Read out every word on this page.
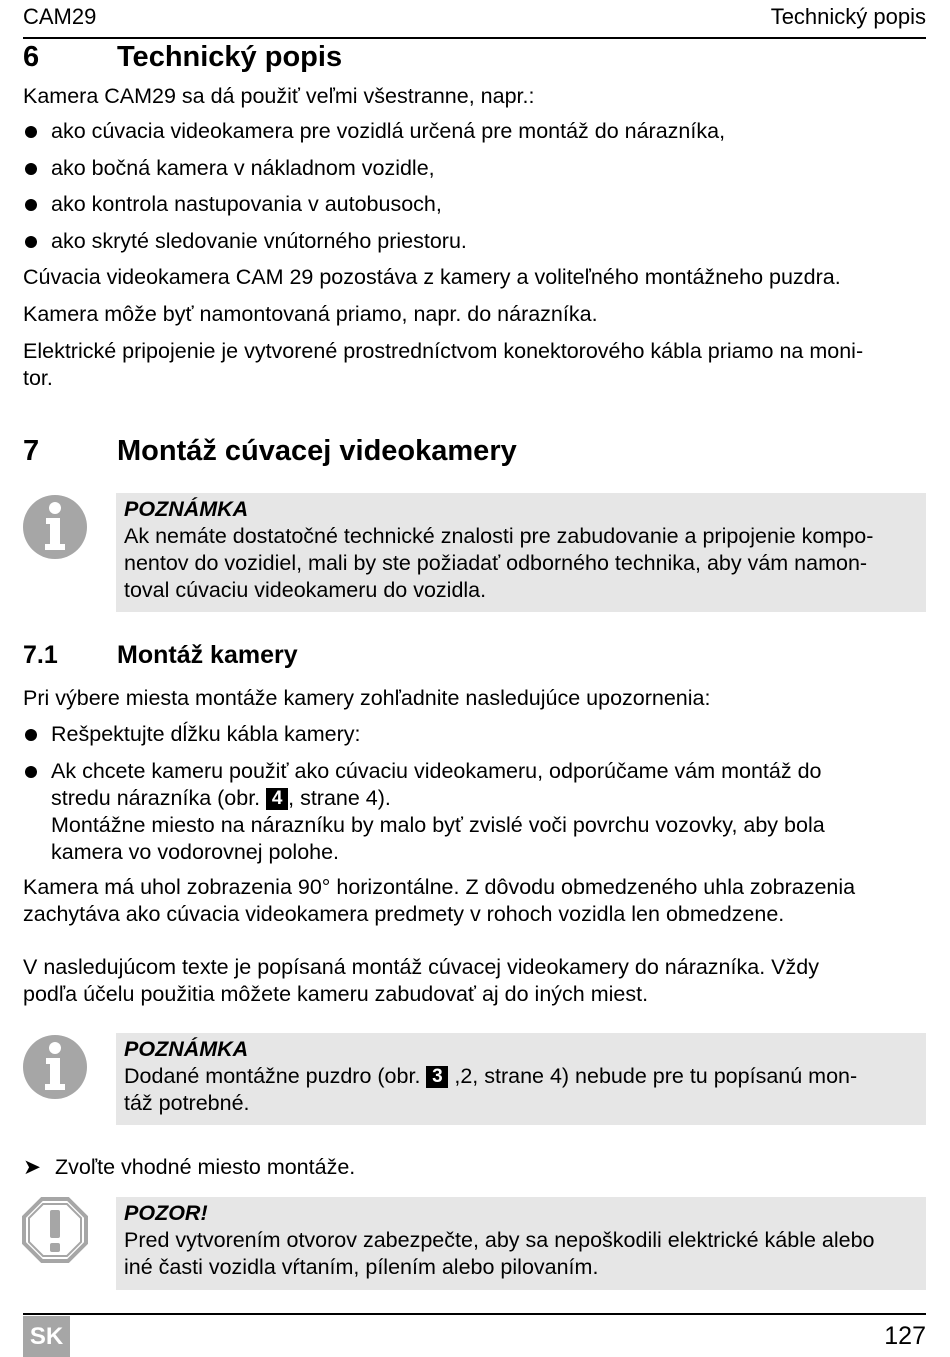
CAM29	Technický popis
6	Technický popis

Kamera CAM29 sa dá použiť veľmi všestranne, napr.:

ako cúvacia videokamera pre vozidlá určená pre montáž do nárazníka,
ako bočná kamera v nákladnom vozidle,
ako kontrola nastupovania v autobusoch,
ako skryté sledovanie vnútorného priestoru.

Cúvacia videokamera CAM 29 pozostáva z kamery a voliteľného montážneho puzdra.

Kamera môže byť namontovaná priamo, napr. do nárazníka.

Elektrické pripojenie je vytvorené prostredníctvom konektorového kábla priamo na moni-

tor.

7	Montáž cúvacej videokamery
POZNÁMKA
Ak nemáte dostatočné technické znalosti pre zabudovanie a pripojenie kompo-
nentov do vozidiel, mali by ste požiadať odborného technika, aby vám namon-
toval cúvaciu videokameru do vozidla.
7.1 Montáž kamery

Pri výbere miesta montáže kamery zohľadnite nasledujúce upozornenia:

Rešpektujte dĺžku kábla kamery:
Ak chcete kameru použiť ako cúvaciu videokameru, odporúčame vám montáž do
stredu nárazníka (obr. 4 , strane 4).
Montážne miesto na nárazníku by malo byť zvislé voči povrchu vozovky, aby bola
kamera vo vodorovnej polohe.

Kamera má uhol zobrazenia 90° horizontálne. Z dôvodu obmedzeného uhla zobrazenia

zachytáva ako cúvacia videokamera predmety v rohoch vozidla len obmedzene.

V nasledujúcom texte je popísaná montáž cúvacej videokamery do nárazníka. Vždy

podľa účelu použitia môžete kameru zabudovať aj do iných miest.

POZNÁMKA
Dodané montážne puzdro (obr. 3 ,2, strane 4) nebude pre tu popísanú mon-
táž potrebné.
➤ Zvoľte vhodné miesto montáže.
POZOR!
Pred vytvorením otvorov zabezpečte, aby sa nepoškodili elektrické káble alebo
iné časti vozidla vŕtaním, pílením alebo pilovaním.
SK	127
